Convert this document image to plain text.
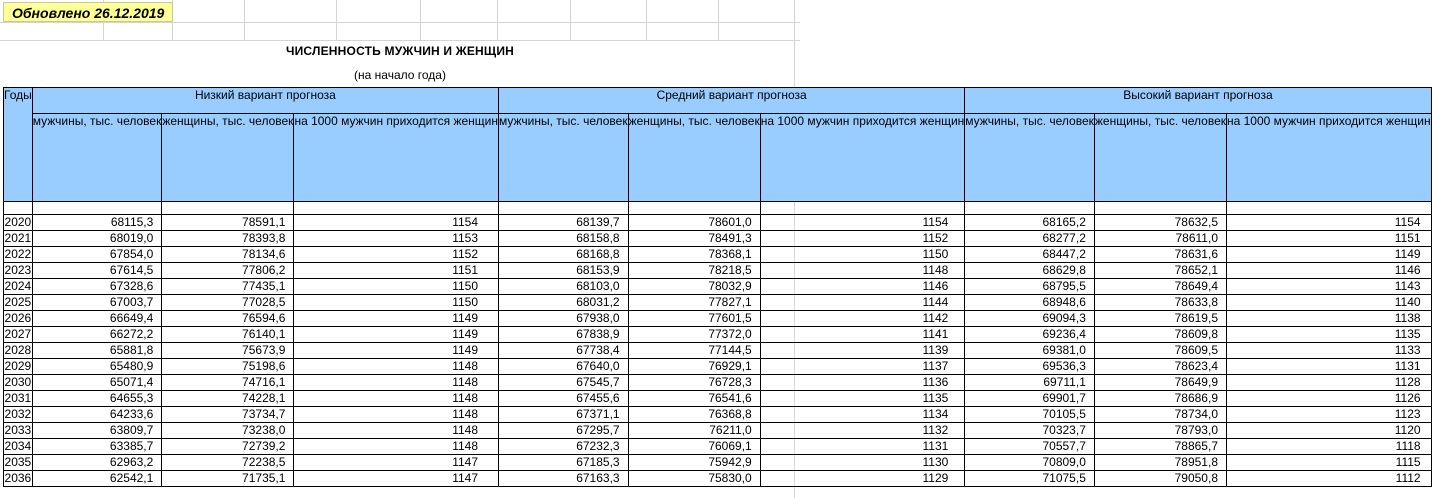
Обновлено 26.12.2019
ЧИСЛЕННОСТЬ МУЖЧИН И ЖЕНЩИН
(на начало года)
Годы	Низкий вариант прогноза			Средний вариант прогноза			Высокий вариант прогноза		
	мужчины, тыс. человек	женщины, тыс. человек	на 1000 мужчин приходится женщин	мужчины, тыс. человек	женщины, тыс. человек	на 1000 мужчин приходится женщин	мужчины, тыс. человек	женщины, тыс. человек	на 1000 мужчин приходится женщин

2020	68115,3	78591,1	1154	68139,7	78601,0	1154	68165,2	78632,5	1154
2021	68019,0	78393,8	1153	68158,8	78491,3	1152	68277,2	78611,0	1151
2022	67854,0	78134,6	1152	68168,8	78368,1	1150	68447,2	78631,6	1149
2023	67614,5	77806,2	1151	68153,9	78218,5	1148	68629,8	78652,1	1146
2024	67328,6	77435,1	1150	68103,0	78032,9	1146	68795,5	78649,4	1143
2025	67003,7	77028,5	1150	68031,2	77827,1	1144	68948,6	78633,8	1140
2026	66649,4	76594,6	1149	67938,0	77601,5	1142	69094,3	78619,5	1138
2027	66272,2	76140,1	1149	67838,9	77372,0	1141	69236,4	78609,8	1135
2028	65881,8	75673,9	1149	67738,4	77144,5	1139	69381,0	78609,5	1133
2029	65480,9	75198,6	1148	67640,0	76929,1	1137	69536,3	78623,4	1131
2030	65071,4	74716,1	1148	67545,7	76728,3	1136	69711,1	78649,9	1128
2031	64655,3	74228,1	1148	67455,6	76541,6	1135	69901,7	78686,9	1126
2032	64233,6	73734,7	1148	67371,1	76368,8	1134	70105,5	78734,0	1123
2033	63809,7	73238,0	1148	67295,7	76211,0	1132	70323,7	78793,0	1120
2034	63385,7	72739,2	1148	67232,3	76069,1	1131	70557,7	78865,7	1118
2035	62963,2	72238,5	1147	67185,3	75942,9	1130	70809,0	78951,8	1115
2036	62542,1	71735,1	1147	67163,3	75830,0	1129	71075,5	79050,8	1112
